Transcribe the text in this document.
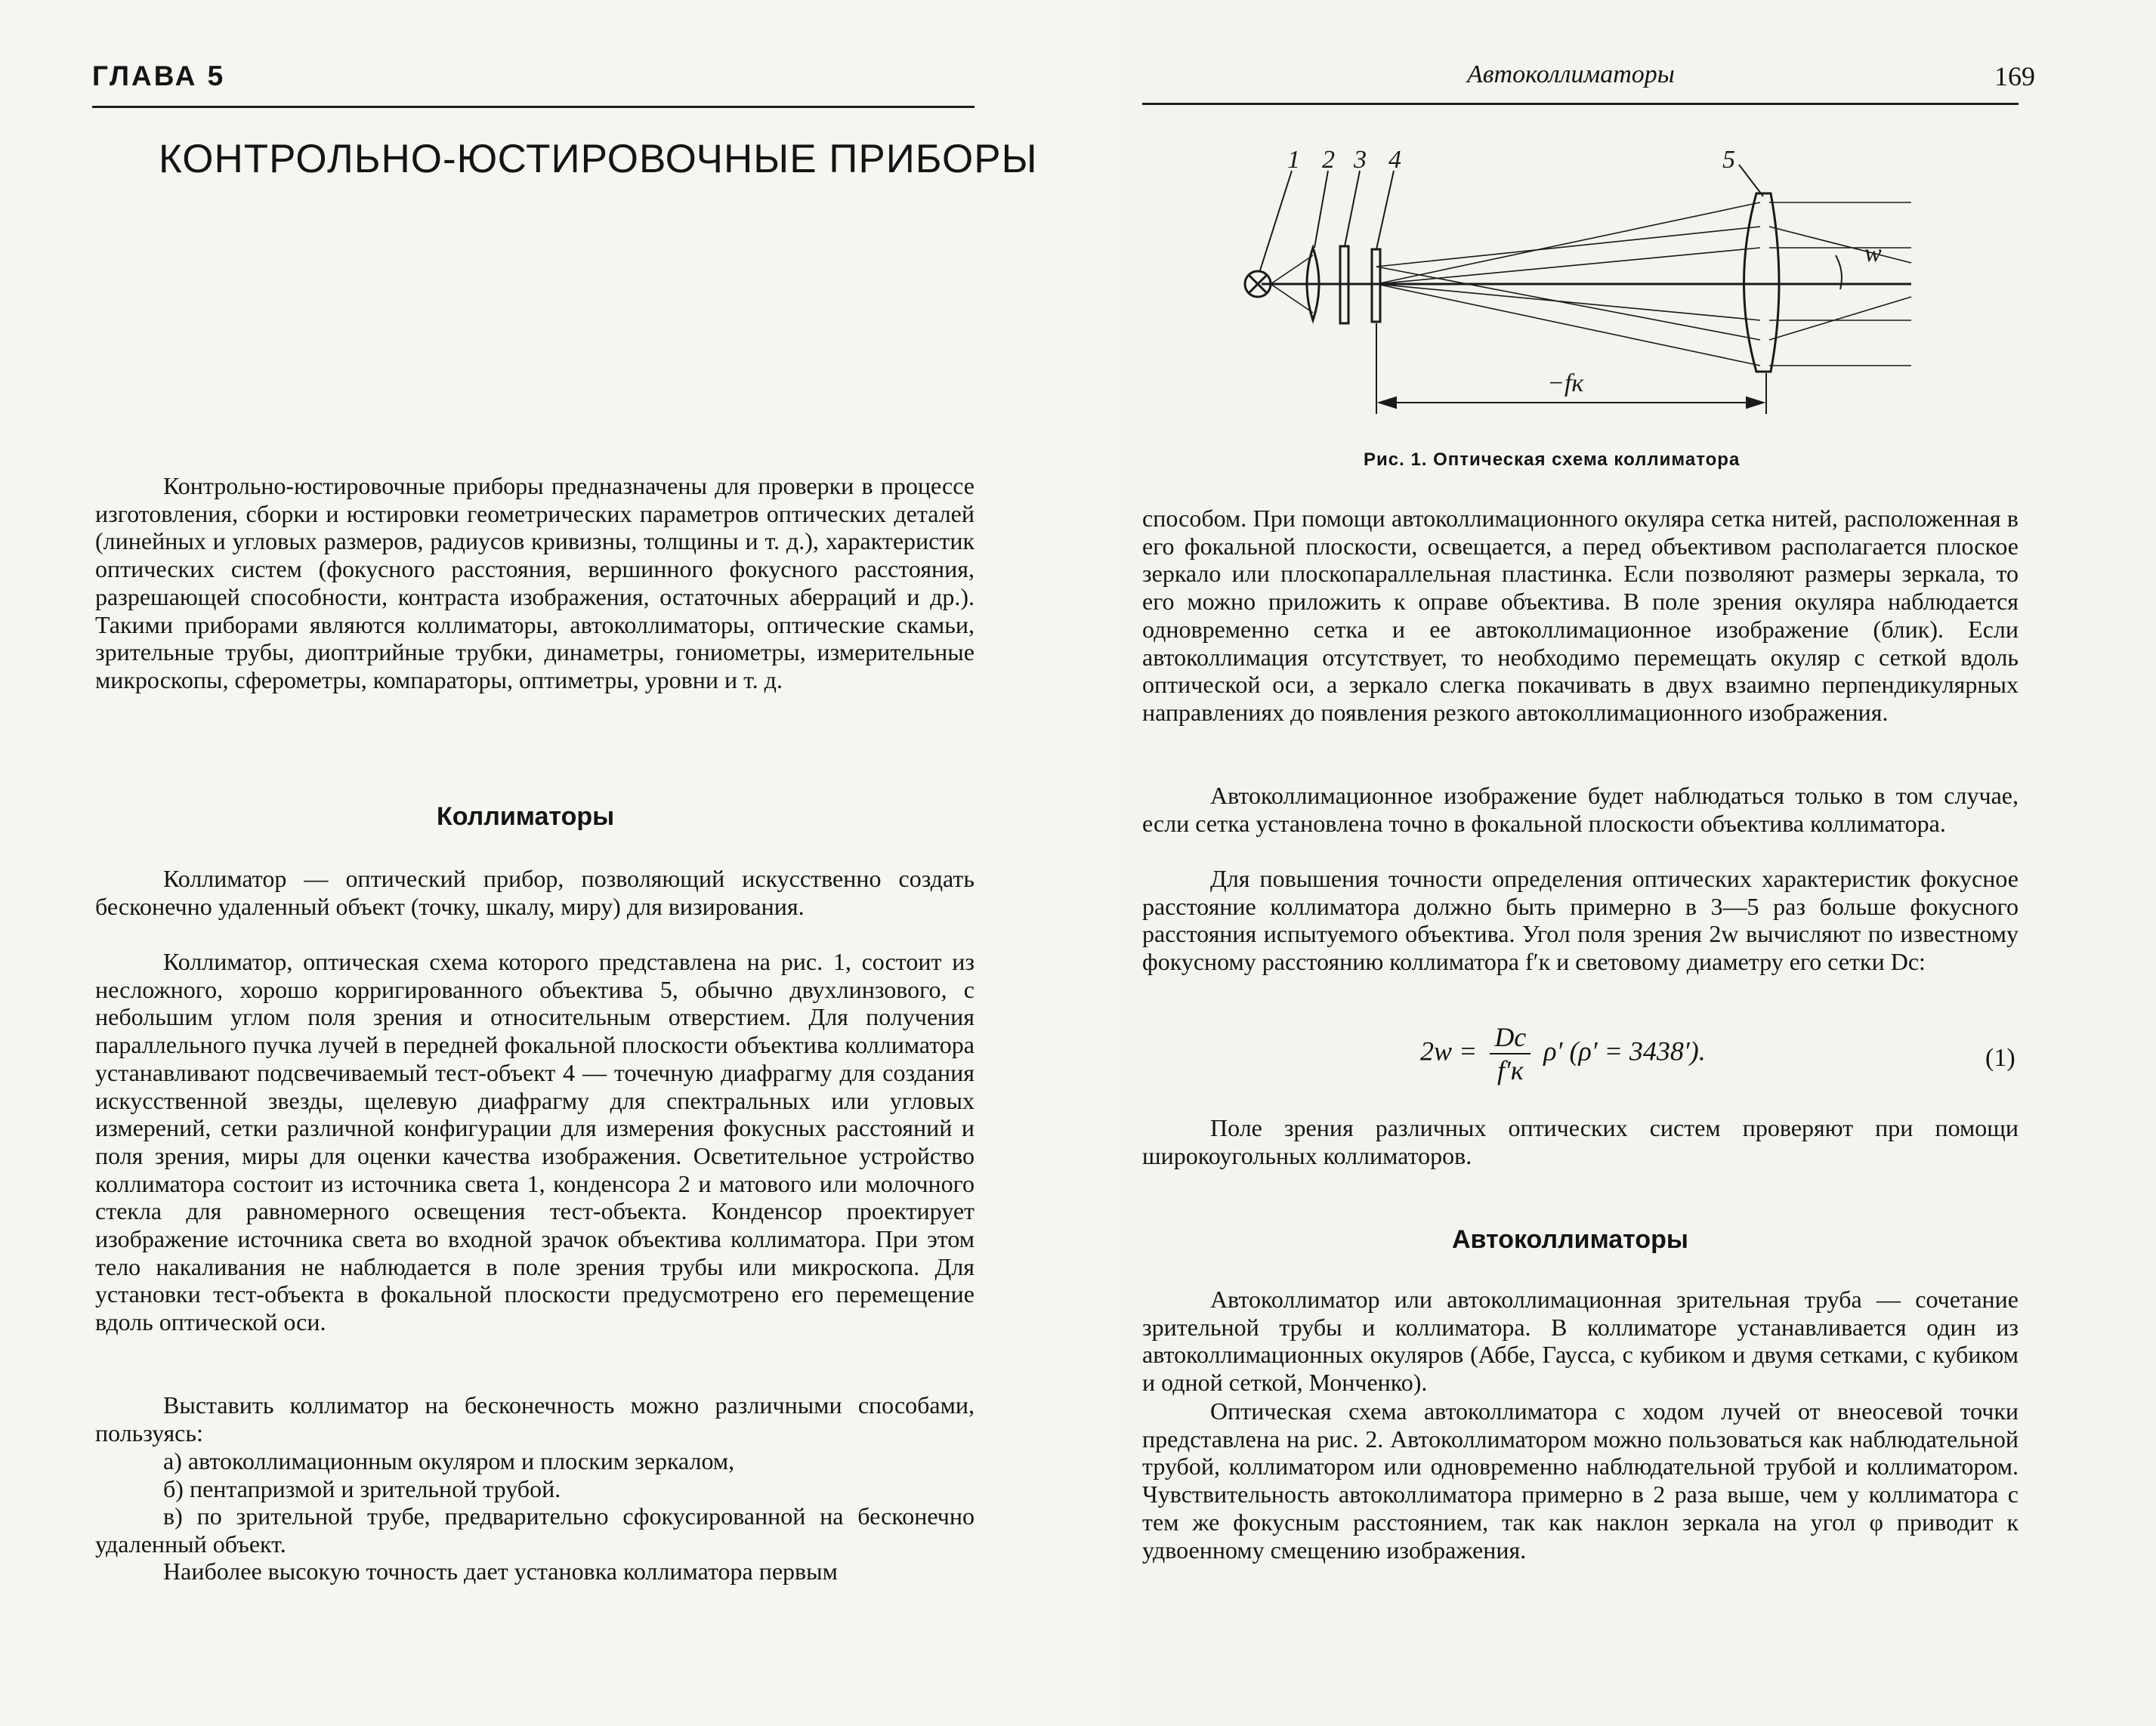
ГЛАВА 5
КОНТРОЛЬНО-ЮСТИРОВОЧНЫЕ ПРИБОРЫ

Контрольно-юстировочные приборы предназначены для проверки в процессе изготовления, сборки и юстировки геометрических параметров оптических деталей (линейных и угловых размеров, радиусов кривизны, толщины и т. д.), характеристик оптических систем (фокусного расстояния, вершинного фокусного расстояния, разрешающей способности, контраста изображения, остаточных аберраций и др.). Такими приборами являются коллиматоры, автоколлиматоры, оптические скамьи, зрительные трубы, диоптрийные трубки, динаметры, гониометры, измерительные микроскопы, сферометры, компараторы, оптиметры, уровни и т. д.

Коллиматоры

Коллиматор — оптический прибор, позволяющий искусственно создать бесконечно удаленный объект (точку, шкалу, миру) для визирования.

Коллиматор, оптическая схема которого представлена на рис. 1, состоит из несложного, хорошо корригированного объектива 5, обычно двухлинзового, с небольшим углом поля зрения и относительным отверстием. Для получения параллельного пучка лучей в передней фокальной плоскости объектива коллиматора устанавливают подсвечиваемый тест-объект 4 — точечную диафрагму для создания искусственной звезды, щелевую диафрагму для спектральных или угловых измерений, сетки различной конфигурации для измерения фокусных расстояний и поля зрения, миры для оценки качества изображения. Осветительное устройство коллиматора состоит из источника света 1, конденсора 2 и матового или молочного стекла для равномерного освещения тест-объекта. Конденсор проектирует изображение источника света во входной зрачок объектива коллиматора. При этом тело накаливания не наблюдается в поле зрения трубы или микроскопа. Для установки тест-объекта в фокальной плоскости предусмотрено его перемещение вдоль оптической оси.

Выставить коллиматор на бесконечность можно различными способами, пользуясь:

а) автоколлимационным окуляром и плоским зеркалом,
б) пентапризмой и зрительной трубой.
в) по зрительной трубе, предварительно сфокусированной на бесконечно удаленный объект.

Наиболее высокую точность дает установка коллиматора первым

Автоколлиматоры	169
1 2 3 4	5
w
−fк
Рис. 1. Оптическая схема коллиматора

способом. При помощи автоколлимационного окуляра сетка нитей, расположенная в его фокальной плоскости, освещается, а перед объективом располагается плоское зеркало или плоскопараллельная пластинка. Если позволяют размеры зеркала, то его можно приложить к оправе объектива. В поле зрения окуляра наблюдается одновременно сетка и ее автоколлимационное изображение (блик). Если автоколлимация отсутствует, то необходимо перемещать окуляр с сеткой вдоль оптической оси, а зеркало слегка покачивать в двух взаимно перпендикулярных направлениях до появления резкого автоколлимационного изображения.

Автоколлимационное изображение будет наблюдаться только в том случае, если сетка установлена точно в фокальной плоскости объектива коллиматора.

Для повышения точности определения оптических характеристик фокусное расстояние коллиматора должно быть примерно в 3—5 раз больше фокусного расстояния испытуемого объектива. Угол поля зрения 2w вычисляют по известному фокусному расстоянию коллиматора f′к и световому диаметру его сетки Dc:

$2w = \frac{Dc}{f'к} \rho'$ (ρ′ = 3438′).	(1)

Поле зрения различных оптических систем проверяют при помощи широкоугольных коллиматоров.

Автоколлиматоры

Автоколлиматор или автоколлимационная зрительная труба — сочетание зрительной трубы и коллиматора. В коллиматоре устанавливается один из автоколлимационных окуляров (Аббе, Гаусса, с кубиком и двумя сетками, с кубиком и одной сеткой, Монченко).

Оптическая схема автоколлиматора с ходом лучей от внеосевой точки представлена на рис. 2. Автоколлиматором можно пользоваться как наблюдательной трубой, коллиматором или одновременно наблюдательной трубой и коллиматором. Чувствительность автоколлиматора примерно в 2 раза выше, чем у коллиматора с тем же фокусным расстоянием, так как наклон зеркала на угол φ приводит к удвоенному смещению изображения.
